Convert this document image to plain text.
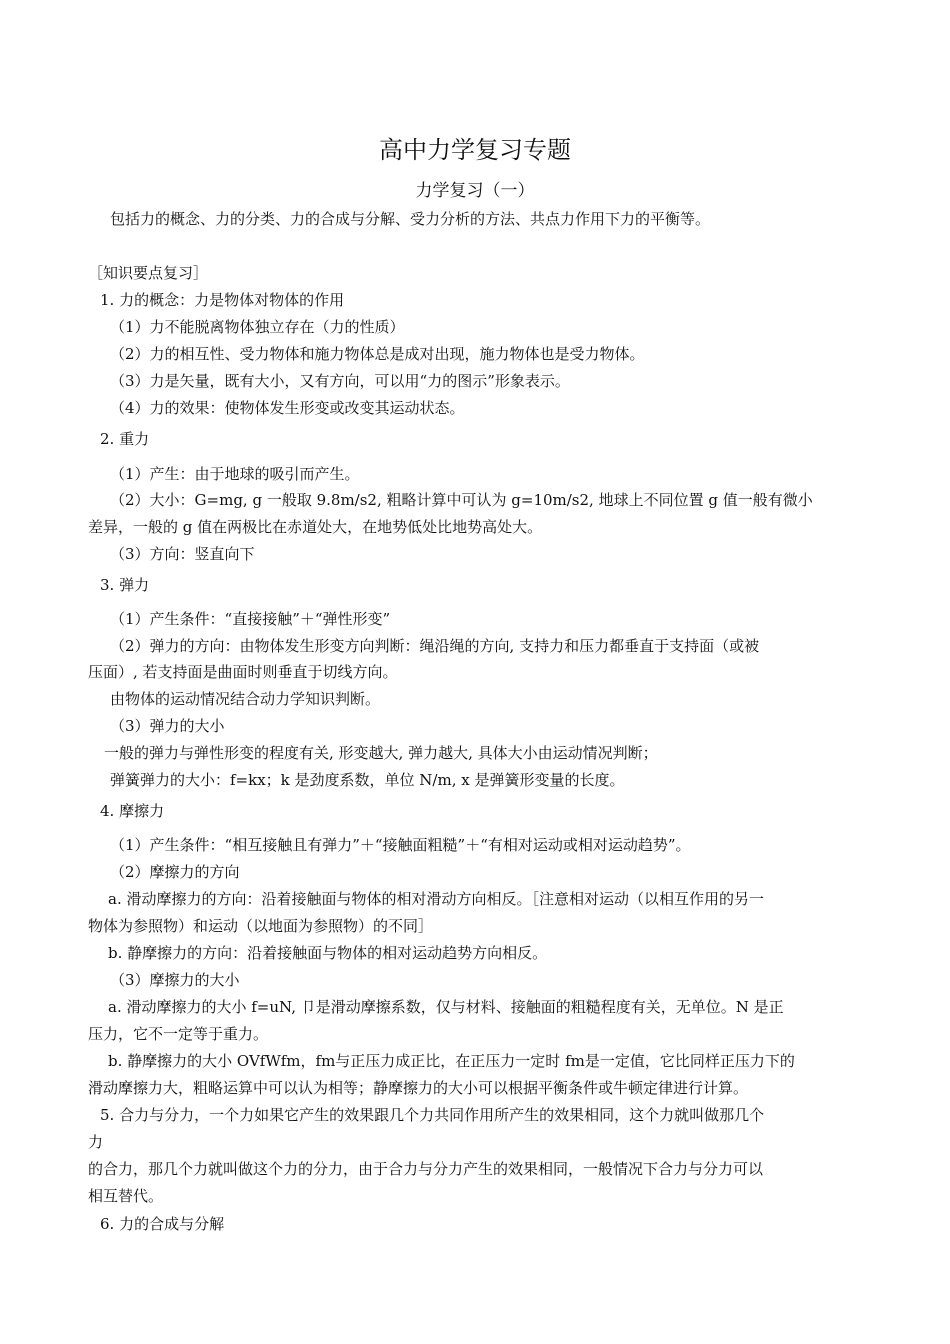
高中力学复习专题
力学复习（一）
包括力的概念、力的分类、力的合成与分解、受力分析的方法、共点力作用下力的平衡等。
［知识要点复习］
1. 力的概念：力是物体对物体的作用
（1）力不能脱离物体独立存在（力的性质）
（2）力的相互性、受力物体和施力物体总是成对出现，施力物体也是受力物体。
（3）力是矢量，既有大小，又有方向，可以用“力的图示”形象表示。
（4）力的效果：使物体发生形变或改变其运动状态。
2. 重力
（1）产生：由于地球的吸引而产生。
（2）大小：G=mg, g 一般取 9.8m/s2, 粗略计算中可认为 g=10m/s2, 地球上不同位置 g 值一般有微小
差异，一般的 g 值在两极比在赤道处大，在地势低处比地势高处大。
（3）方向：竖直向下
3. 弹力
（1）产生条件：“直接接触”＋“弹性形变”
（2）弹力的方向：由物体发生形变方向判断：绳沿绳的方向, 支持力和压力都垂直于支持面（或被
压面）, 若支持面是曲面时则垂直于切线方向。
由物体的运动情况结合动力学知识判断。
（3）弹力的大小
一般的弹力与弹性形变的程度有关, 形变越大, 弹力越大, 具体大小由运动情况判断；
弹簧弹力的大小：f=kx；k 是劲度系数，单位 N/m, x 是弹簧形变量的长度。
4. 摩擦力
（1）产生条件：“相互接触且有弹力”＋“接触面粗糙”＋“有相对运动或相对运动趋势”。
（2）摩擦力的方向
a. 滑动摩擦力的方向：沿着接触面与物体的相对滑动方向相反。［注意相对运动（以相互作用的另一
物体为参照物）和运动（以地面为参照物）的不同］
b. 静摩擦力的方向：沿着接触面与物体的相对运动趋势方向相反。
（3）摩擦力的大小
a. 滑动摩擦力的大小 f=uN, 卩是滑动摩擦系数，仅与材料、接触面的粗糙程度有关，无单位。N 是正
压力，它不一定等于重力。
b. 静摩擦力的大小 OVfWfm，fm与正压力成正比，在正压力一定时 fm是一定值，它比同样正压力下的
滑动摩擦力大，粗略运算中可以认为相等；静摩擦力的大小可以根据平衡条件或牛顿定律进行计算。
5. 合力与分力，一个力如果它产生的效果跟几个力共同作用所产生的效果相同，这个力就叫做那几个
力
的合力，那几个力就叫做这个力的分力，由于合力与分力产生的效果相同，一般情况下合力与分力可以
相互替代。
6. 力的合成与分解
